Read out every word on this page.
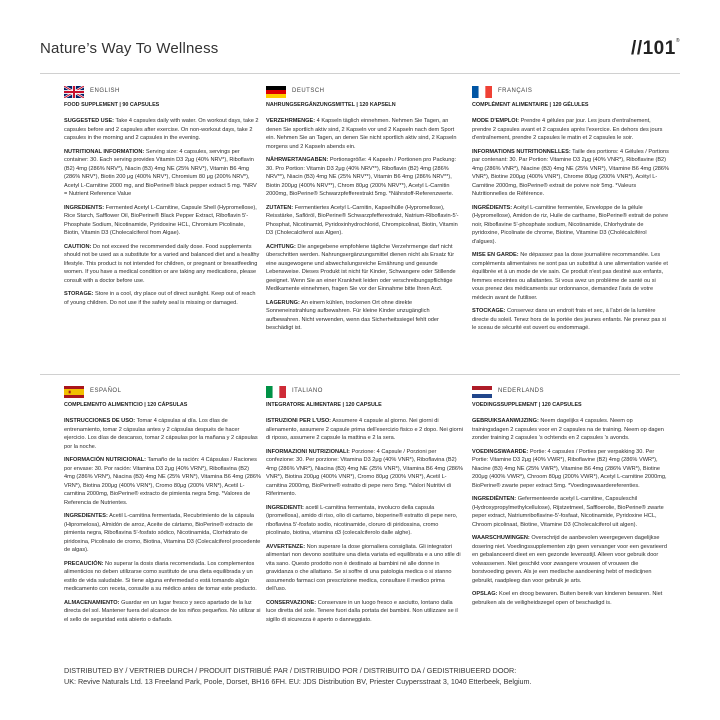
Nature’s Way To Wellness	//101®
ENGLISH
FOOD SUPPLEMENT | 90 CAPSULES

SUGGESTED USE: Take 4 capsules daily with water. On workout days, take 2 capsules before and 2 capsules after exercise. On non-workout days, take 2 capsules in the morning and 2 capsules in the evening.

NUTRITIONAL INFORMATION: Serving size: 4 capsules, servings per container: 30. Each serving provides Vitamin D3 2μg (40% NRV*), Riboflavin (B2) 4mg (286% NRV*), Niacin (B3) 4mg NE (25% NRV*), Vitamin B6 4mg (286% NRV*), Biotin 200 μg (400% NRV*), Chromium 80 μg (200% NRV*), Acetyl L-Carnitine 2000 mg, and BioPerine® black pepper extract 5 mg. *NRV = Nutrient Reference Value

INGREDIENTS: Fermented Acetyl L-Carnitine, Capsule Shell (Hypromellose), Rice Starch, Safflower Oil, BioPerine® Black Pepper Extract, Riboflavin 5'-Phosphate Sodium, Nicotinamide, Pyridoxine HCL, Chromium Picolinate, Biotin, Vitamin D3 (Cholecalciferol from Algae).

CAUTION: Do not exceed the recommended daily dose. Food supplements should not be used as a substitute for a varied and balanced diet and a healthy lifestyle. This product is not intended for children, or pregnant or breastfeeding women. If you have a medical condition or are taking any medications, please consult with a doctor before use.

STORAGE: Store in a cool, dry place out of direct sunlight. Keep out of reach of young children. Do not use if the safety seal is missing or damaged.

DEUTSCH
NAHRUNGSERGÄNZUNGSMITTEL | 120 KAPSELN

VERZEHRMENGE: 4 Kapseln täglich einnehmen. Nehmen Sie Tagen, an denen Sie sportlich aktiv sind, 2 Kapseln vor und 2 Kapseln nach dem Sport ein. Nehmen Sie an Tagen, an denen Sie nicht sportlich aktiv sind, 2 Kapseln morgens und 2 Kapseln abends ein.

NÄHRWERTANGABEN: Portionsgröße: 4 Kapseln / Portionen pro Packung: 30. Pro Portion: Vitamin D3 2μg (40% NRV**), Riboflavin (B2) 4mg (286% NRV**), Niacin (B3) 4mg NE (25% NRV**), Vitamin B6 4mg (286% NRV**), Biotin 200μg (400% NRV**), Chrom 80μg (200% NRV**), Acetyl L-Carnitin 2000mg, BioPerine® Schwarzpfefferextrakt 5mg. *Nährstoff-Referenzwerte.

ZUTATEN: Fermentiertes Acetyl L-Carnitin, Kapselhülle (Hypromellose), Reisstärke, Saflöröl, BioPerine® Schwarzpfefferextrakt, Natrium-Riboflavin-5'-Phosphat, Nicotinamid, Pyridoxinhydrochlorid, Chrompicolinat, Biotin, Vitamin D3 (Cholecalciferol aus Algen).

ACHTUNG: Die angegebene empfohlene tägliche Verzehrmenge darf nicht überschritten werden. Nahrungsergänzungsmittel dienen nicht als Ersatz für eine ausgewogene und abwechslungsreiche Ernährung und gesunde Lebensweise. Dieses Produkt ist nicht für Kinder, Schwangere oder Stillende geeignet. Wenn Sie an einer Krankheit leiden oder verschreibungspflichtige Medikamente einnehmen, fragen Sie vor der Einnahme bitte Ihren Arzt.

LAGERUNG: An einem kühlen, trockenen Ort ohne direkte Sonneneinstrahlung aufbewahren. Für kleine Kinder unzugänglich aufbewahren. Nicht verwenden, wenn das Sicherheitssiegel fehlt oder beschädigt ist.

FRANÇAIS
COMPLÉMENT ALIMENTAIRE | 120 GÉLULES

MODE D'EMPLOI: Prendre 4 gélules par jour. Les jours d'entraînement, prendre 2 capsules avant et 2 capsules après l'exercice. En dehors des jours d'entraînement, prendre 2 capsules le matin et 2 capsules le soir.

INFORMATIONS NUTRITIONNELLES: Taille des portions: 4 Gélules / Portions par contenant: 30. Par Portion: Vitamine D3 2μg (40% VNR*), Riboflavine (B2) 4mg (286% VNR*), Niacine (B3) 4mg NE (25% VNR*), Vitamine B6 4mg (286% VNR*), Biotine 200μg (400% VNR*), Chrome 80μg (200% VNR*), Acétyl L-Carnitine 2000mg, BioPerine® extrait de poivre noir 5mg. *Valeurs Nutritionnelles de Référence.

INGRÉDIENTS: Acétyl L-carnitine fermentée, Enveloppe de la gélule (Hypromellose), Amidon de riz, Huile de carthame, BioPerine® extrait de poivre noir, Riboflavine 5'-phosphate sodium, Nicotinamide, Chlorhydrate de pyridoxine, Picolinate de chrome, Biotine, Vitamine D3 (Cholécalciférol d'algues).

MISE EN GARDE: Ne dépassez pas la dose journalière recommandée. Les compléments alimentaires ne sont pas un substitut à une alimentation variée et équilibrée et à un mode de vie sain. Ce produit n'est pas destiné aux enfants, femmes enceintes ou allaitantes. Si vous avez un problème de santé ou si vous prenez des médicaments sur ordonnance, demandez l'avis de votre médecin avant de l'utiliser.

STOCKAGE: Conservez dans un endroit frais et sec, à l'abri de la lumière directe du soleil. Tenez hors de la portée des jeunes enfants. Ne prenez pas si le sceau de sécurité est ouvert ou endommagé.

ESPAÑOL
COMPLEMENTO ALIMENTICIO | 120 CÁPSULAS

INSTRUCCIONES DE USO: Tomar 4 cápsulas al día. Los días de entrenamiento, tomar 2 cápsulas antes y 2 cápsulas después de hacer ejercicio. Los días de descanso, tomar 2 cápsulas por la mañana y 2 cápsulas por la noche.

INFORMACIÓN NUTRICIONAL: Tamaño de la ración: 4 Cápsulas / Raciones por envase: 30. Por ración: Vitamina D3 2μg (40% VRN*), Riboflavina (B2) 4mg (286% VRN*), Niacina (B3) 4mg NE (25% VRN*), Vitamina B6 4mg (286% VRN*), Biotina 200μg (400% VRN*), Cromo 80μg (200% VRN*), Acetil L-carnitina 2000mg, BioPerine® extracto de pimienta negra 5mg. *Valores de Referencia de Nutrientes.

INGREDIENTES: Acetil L-carnitina fermentada, Recubrimiento de la cápsula (Hipromelosa), Almidón de arroz, Aceite de cártamo, BioPerine® extracto de pimienta negra, Riboflavina 5'-fosfato sódico, Nicotinamida, Clorhidrato de piridoxina, Picolinato de cromo, Biotina, Vitamina D3 (Colecalciferol procedente de algas).

PRECAUCIÓN: No superar la dosis diaria recomendada. Los complementos alimenticios no deben utilizarse como sustituto de una dieta equilibrada y un estilo de vida saludable. Si tiene alguna enfermedad o está tomando algún medicamento con receta, consulte a su médico antes de tomar este producto.

ALMACENAMIENTO: Guardar en un lugar fresco y seco apartado de la luz directa del sol. Mantener fuera del alcance de los niños pequeños. No utilizar si el sello de seguridad está abierto o dañado.

ITALIANO
INTEGRATORE ALIMENTARE | 120 CAPSULE

ISTRUZIONI PER L'USO: Assumere 4 capsule al giorno. Nei giorni di allenamento, assumere 2 capsule prima dell'esercizio fisico e 2 dopo. Nei giorni di riposo, assumere 2 capsule la mattina e 2 la sera.

INFORMAZIONI NUTRIZIONALI: Porzione: 4 Capsule / Porzioni per confezione: 30. Per porzione: Vitamina D3 2μg (40% VNR*), Riboflavina (B2) 4mg (286% VNR*), Niacina (B3) 4mg NE (25% VNR*), Vitamina B6 4mg (286% VNR*), Biotina 200μg (400% VNR*), Cromo 80μg (200% VNR*), Acetil L-carnitina 2000mg, BioPerine® estratto di pepe nero 5mg. *Valori Nutritivi di Riferimento.

INGREDIENTI: acetil L-carnitina fermentata, involucro della capsula (ipromellosa), amido di riso, olio di cartamo, bioperine® estratto di pepe nero, riboflavina 5'-fosfato sodio, nicotinamide, cloruro di piridossina, cromo picolinato, biotina, vitamina d3 (colecalciferolo dalle alghe).

AVVERTENZE: Non superare la dose giornaliera consigliata. Gli integratori alimentari non devono sostituire una dieta variata ed equilibrata e a uno stile di vita sano. Questo prodotto non è destinato ai bambini né alle donne in gravidanza o che allattano. Se si soffre di una patologia medica o si stanno assumendo farmaci con prescrizione medica, consultare il medico prima dell'uso.

CONSERVAZIONE: Conservare in un luogo fresco e asciutto, lontano dalla luce diretta del sole. Tenere fuori dalla portata dei bambini. Non utilizzare se il sigillo di sicurezza è aperto o danneggiato.

NEDERLANDS
VOEDINGSSUPPLEMENT | 120 CAPSULES

GEBRUIKSAANWIJZING: Neem dagelijks 4 capsules. Neem op trainingsdagen 2 capsules voor en 2 capsules na de training. Neem op dagen zonder training 2 capsules 's ochtends en 2 capsules 's avonds.

VOEDINGSWAARDE: Portie: 4 capsules / Porties per verpakking 30. Per Portie: Vitamine D3 2μg (40% VWR*), Riboflavine (B2) 4mg (286% VWR*), Niacine (B3) 4mg NE (25% VWR*), Vitamine B6 4mg (286% VWR*), Biotine 200μg (400% VWR*), Chroom 80μg (200% VWR*), Acetyl L-carnitine 2000mg, BioPerine® zwarte peper extract 5mg. *Voedingswaardereferenties.

INGREDIËNTEN: Gefermenteerde acetyl L-carnitine, Capsuleschil (Hydroxypropylmethylcellulose), Rijstzetmeel, Saffloerolie, BioPerine® zwarte peper extract, Natriumriboflavine-5'-fosfaat, Nicotinamide, Pyridoxine HCL, Chroom picolinaat, Biotine, Vitamine D3 (Cholecalciferol uit algen).

WAARSCHUWINGEN: Overschrijd de aanbevolen weergegeven dagelijkse dosering niet. Voedingssupplementen zijn geen vervanger voor een gevarieerd en gebalanceerd dieet en een gezonde levensstijl. Alleen voor gebruik door volwassenen. Niet geschikt voor zwangere vrouwen of vrouwen die borstvoeding geven. Als je een medische aandoening hebt of medicijnen gebruikt, raadpleeg dan voor gebruik je arts.

OPSLAG: Koel en droog bewaren. Buiten bereik van kinderen bewaren. Niet gebruiken als de veiligheidszegel open of beschadigd is.

DISTRIBUTED BY / VERTRIEB DURCH / PRODUIT DISTRIBUÉ PAR / DISTRIBUIDO POR / DISTRIBUITO DA / GEDISTRIBUEERD DOOR:
UK: Revive Naturals Ltd. 13 Freeland Park, Poole, Dorset, BH16 6FH. EU: JDS Distribution BV, Priester Cuypersstraat 3, 1040 Etterbeek, Belgium.
